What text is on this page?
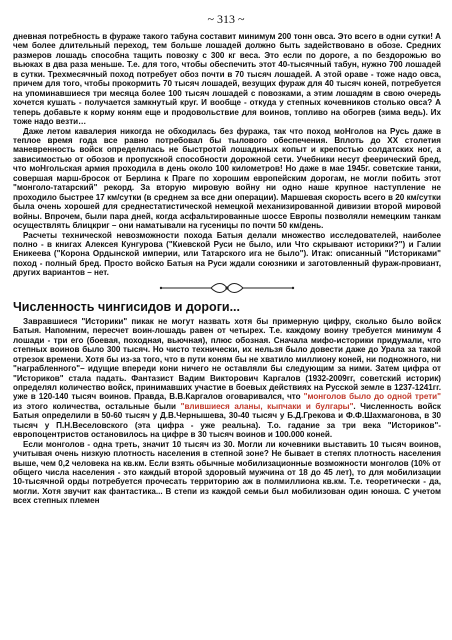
~ 313 ~

дневная потребность в фураже такого табуна составит минимум 200 тонн овса. Это всего в одни сутки! А чем более длительный переход, тем больше лошадей должно быть задействовано в обозе. Средних размеров лошадь способна тащить повозку с 300 кг веса. Это если по дороге, а по бездорожью во вьюках в два раза меньше. Т.е. для того, чтобы обеспечить этот 40-тысячный табун, нужно 700 лошадей в сутки. Трехмесячный поход потребует обоз почти в 70 тысяч лошадей. А этой ораве - тоже надо овса, причем для того, чтобы прокормить 70 тысяч лошадей, везущих фураж для 40 тысяч коней, потребуется на упоминавшиеся три месяца более 100 тысяч лошадей с повозками, а этим лошадям в свою очередь хочется кушать - получается замкнутый круг. И вообще - откуда у степных кочевников столько овса? А теперь добавьте к корму коням еще и продовольствие для воинов, топливо на обогрев (зима ведь). Их тоже надо везти…

Даже летом кавалерия никогда не обходилась без фуража, так что поход моНголов на Русь даже в теплое время года все равно потребовал бы тылового обеспечения. Вплоть до XX столетия маневренность войск определялась не быстротой лошадиных копыт и крепостью солдатских ног, а зависимостью от обозов и пропускной способности дорожной сети. Учебники несут феерический бред, что моНгольская армия проходила в день около 100 километров! Но даже в мае 1945г. советские танки, совершая марш-бросок от Берлина к Праге по хорошим европейским дорогам, не могли побить этот "монголо-татарский" рекорд. За вторую мировую войну ни одно наше крупное наступление не проходило быстрее 17 км/сутки (в среднем за все дни операции). Маршевая скорость всего в 20 км/сутки была очень хорошей для среднестатистической немецкой механизированной дивизии второй мировой войны. Впрочем, были пара дней, когда асфальтированные шоссе Европы позволяли немецким танкам осуществлять блицкриг – они наматывали на гусеницы по почти 50 км/день.

Расчеты технической невозможности похода Батыя делали множество исследователей, наиболее полно - в книгах Алексея Кунгурова ("Киевской Руси не было, или Что скрывают историки?") и Галии Еникеева ("Корона Ордынской империи, или Татарского ига не было"). Итак: описанный "Историками" поход - полный бред. Просто войско Батыя на Руси ждали союзники и заготовленный фураж-провиант, других вариантов – нет.

Численность чингисидов и дороги...

Завравшиеся "Историки" пикак не могут назвать хотя бы примерную цифру, сколько было войск Батыя. Напомним, пересчет воин-лошадь равен от четырех. Т.е. каждому воину требуется минимум 4 лошади - три его (боевая, походная, вьючная), плюс обозная. Сначала мифо-историки придумали, что степных воинов было 300 тысяч. Но чисто технически, их нельзя было довести даже до Урала за такой отрезок времени. Хотя бы из-за того, что в пути коням бы не хватило миллиону коней, ни подножного, ни "награбленного"– идущие впереди кони ничего не оставляли бы следующим за ними. Затем цифра от "Историков" стала падать. Фантазист Вадим Викторович Каргалов (1932-2009гг, советский историк) определял количество войск, принимавших участие в боевых действиях на Русской земле в 1237-1241гг. уже в 120-140 тысяч воинов. Правда, В.В.Каргалов оговаривался, что "монголов было до одной трети" из этого количества, остальные были "влившиеся аланы, кыпчаки и булгары". Численность войск Батыя определили в 50-60 тысяч у Д.В.Чернышева, 30-40 тысяч у Б.Д.Грекова и Ф.Ф.Шахмагонова, в 30 тысяч у П.Н.Веселовского (эта цифра - уже реальна). Т.о. гадание за три века "Историков"-европоцентристов остановилось на цифре в 30 тысяч воинов и 100.000 коней.

Если монголов - одна треть, значит 10 тысяч из 30. Могли ли кочевники выставить 10 тысяч воинов, учитывая очень низкую плотность населения в степной зоне? Не бывает в степях плотность населения выше, чем 0,2 человека на кв.км. Если взять обычные мобилизационные возможности монголов (10% от общего числа населения - это каждый второй здоровый мужчина от 18 до 45 лет), то для мобилизации 10-тысячной орды потребуется прочесать территорию аж в полмиллиона кв.км. Т.е. теоретически - да, могли. Хотя звучит как фантастика... В степи из каждой семьи был мобилизован один юноша. С учетом всех степных племен
